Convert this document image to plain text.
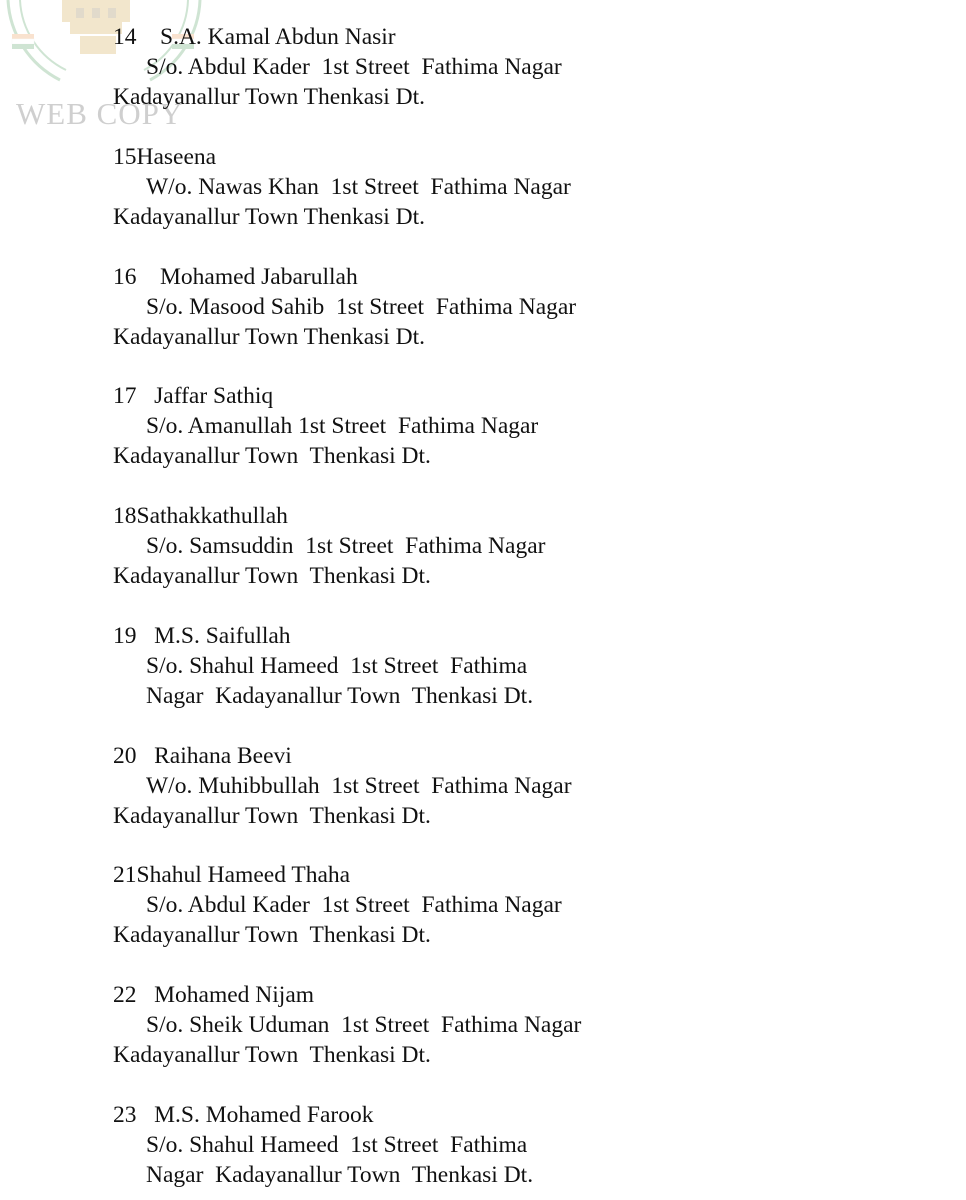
WEB COPY
14    S.A. Kamal Abdun Nasir
S/o. Abdul Kader  1st Street  Fathima Nagar
Kadayanallur Town Thenkasi Dt.
15Haseena
W/o. Nawas Khan  1st Street  Fathima Nagar
Kadayanallur Town Thenkasi Dt.
16    Mohamed Jabarullah
S/o. Masood Sahib  1st Street  Fathima Nagar
Kadayanallur Town Thenkasi Dt.
17   Jaffar Sathiq
S/o. Amanullah 1st Street  Fathima Nagar
Kadayanallur Town  Thenkasi Dt.
18Sathakkathullah
S/o. Samsuddin  1st Street  Fathima Nagar
Kadayanallur Town  Thenkasi Dt.
19   M.S. Saifullah
S/o. Shahul Hameed  1st Street  Fathima
Nagar  Kadayanallur Town  Thenkasi Dt.
20   Raihana Beevi
W/o. Muhibbullah  1st Street  Fathima Nagar
Kadayanallur Town  Thenkasi Dt.
21Shahul Hameed Thaha
S/o. Abdul Kader  1st Street  Fathima Nagar
Kadayanallur Town  Thenkasi Dt.
22   Mohamed Nijam
S/o. Sheik Uduman  1st Street  Fathima Nagar
Kadayanallur Town  Thenkasi Dt.
23   M.S. Mohamed Farook
S/o. Shahul Hameed  1st Street  Fathima
Nagar  Kadayanallur Town  Thenkasi Dt.
